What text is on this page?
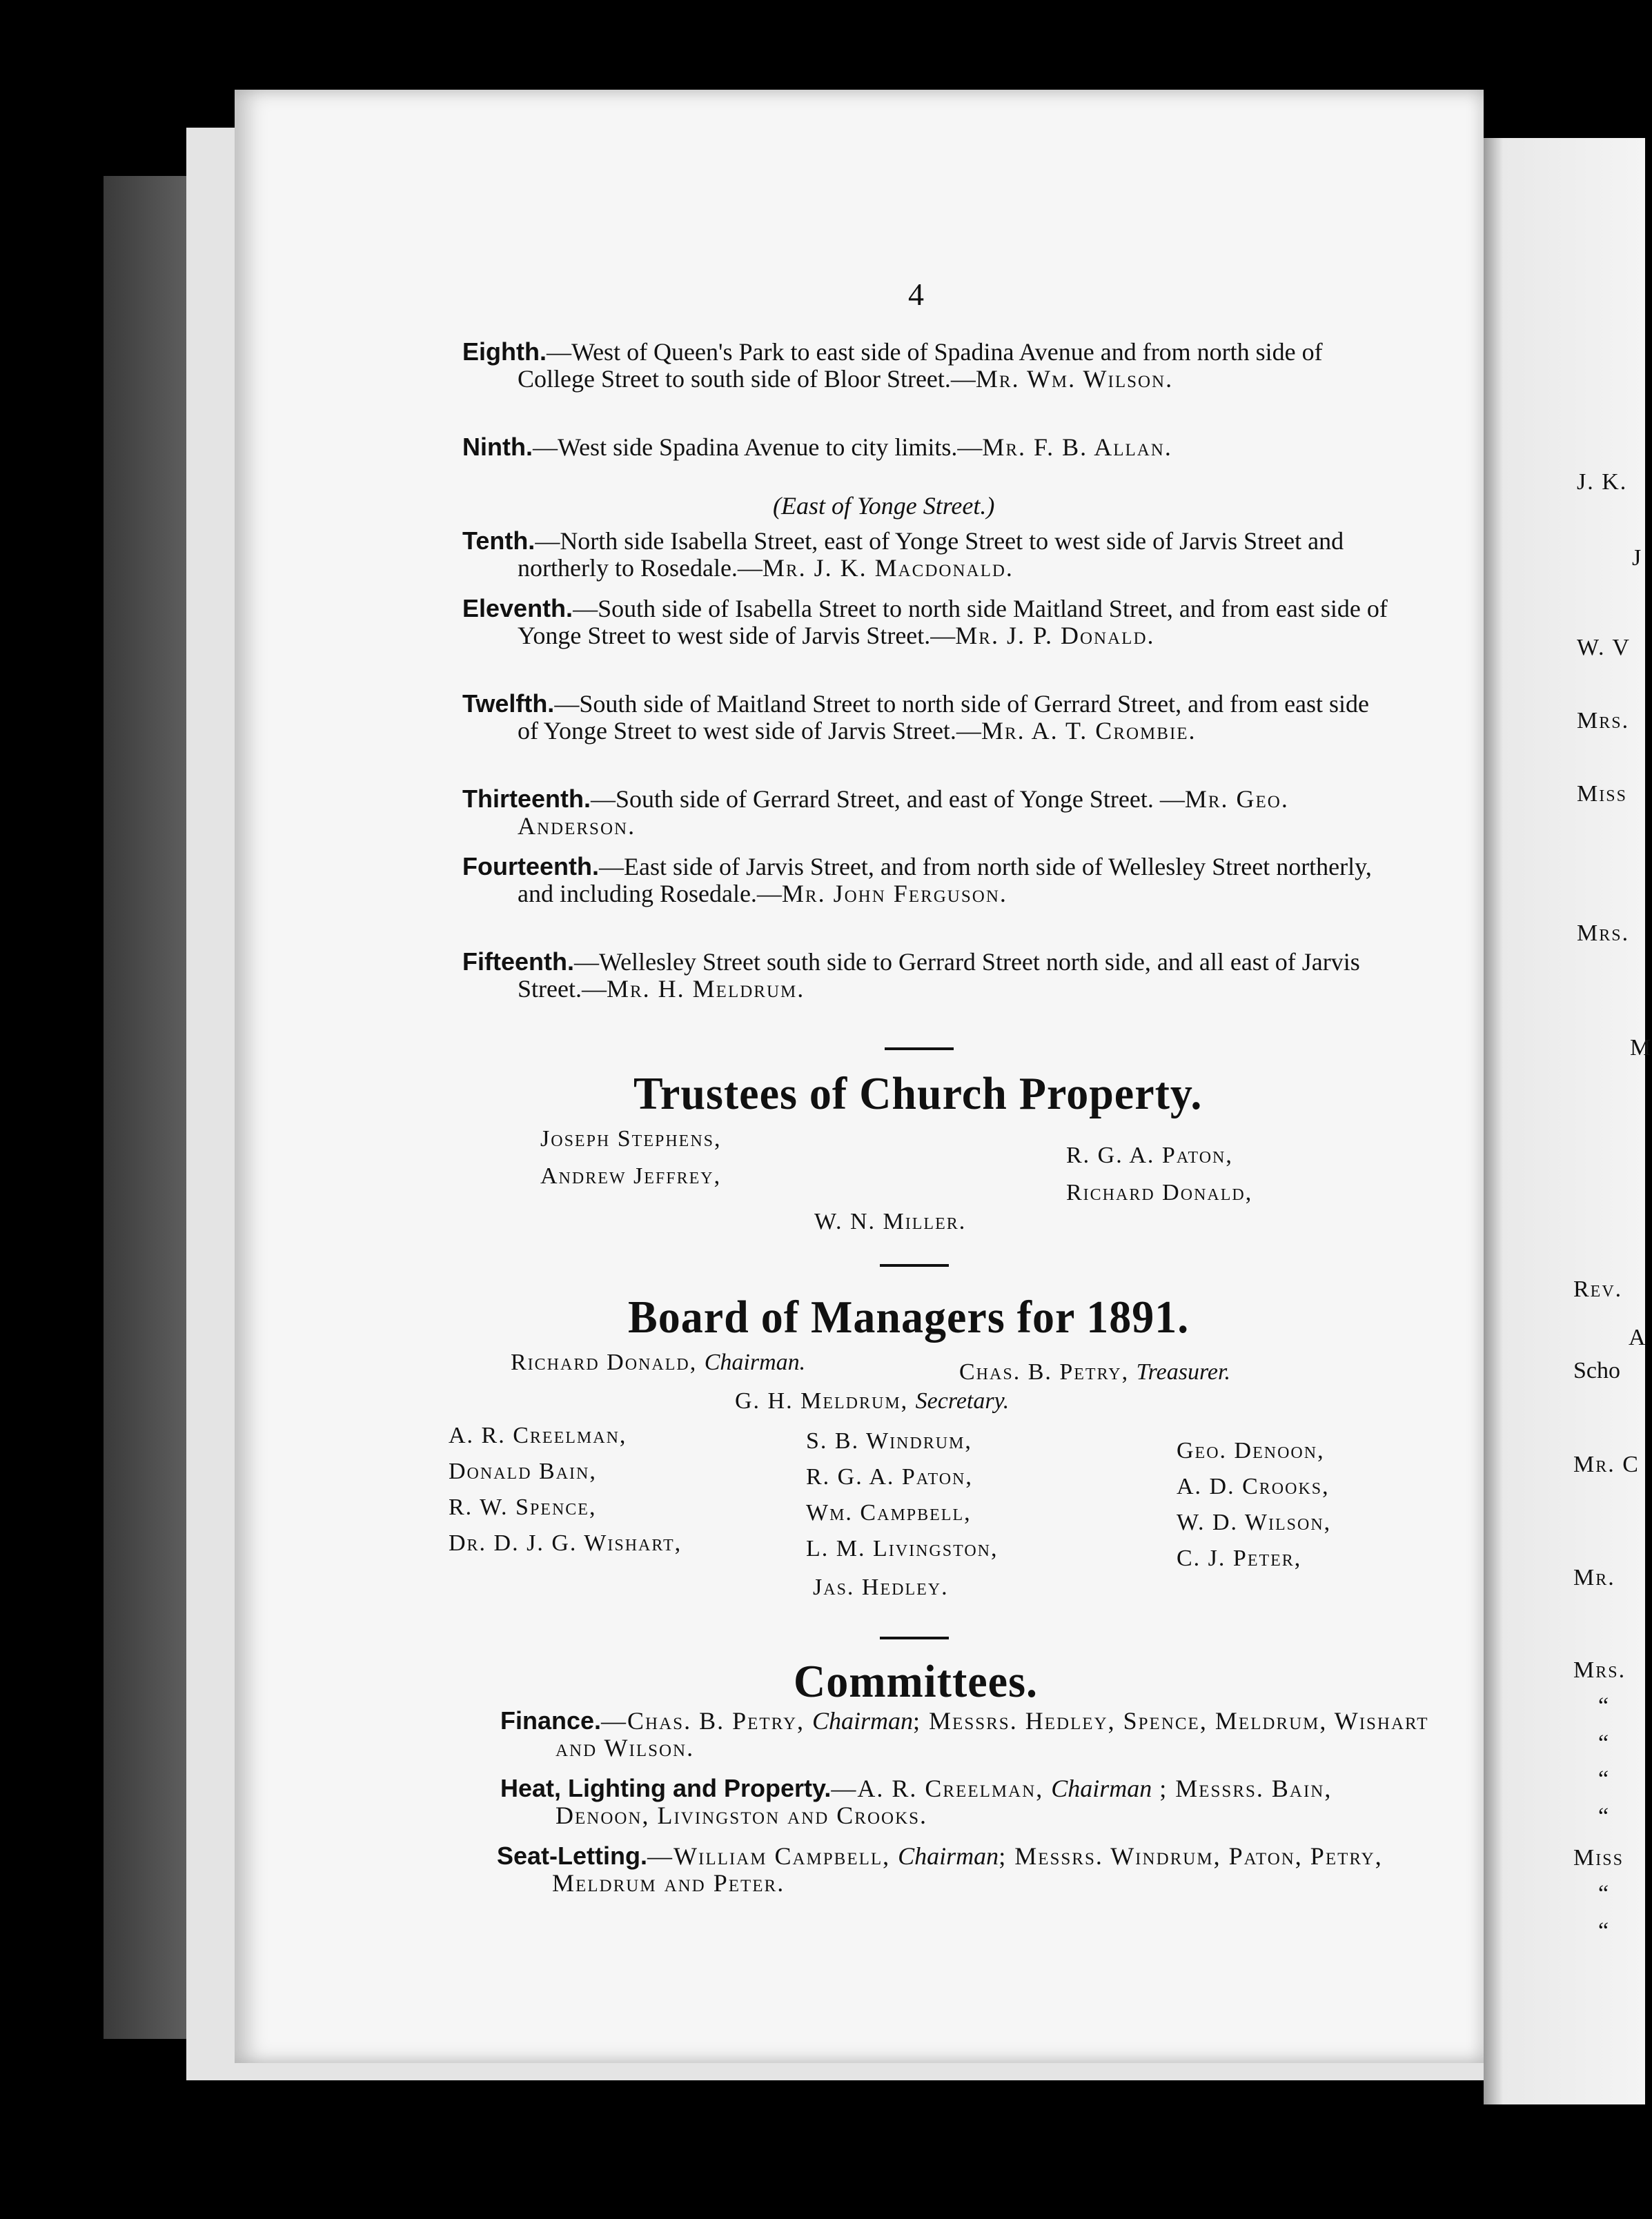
4
Eighth.—West of Queen's Park to east side of Spadina Avenue and from north side of College Street to south side of Bloor Street.—Mr. Wm. Wilson.
Ninth.—West side Spadina Avenue to city limits.—Mr. F. B. Allan.
(East of Yonge Street.)
Tenth.—North side Isabella Street, east of Yonge Street to west side of Jarvis Street and northerly to Rosedale.—Mr. J. K. Macdonald.
Eleventh.—South side of Isabella Street to north side Maitland Street, and from east side of Yonge Street to west side of Jarvis Street.—Mr. J. P. Donald.
Twelfth.—South side of Maitland Street to north side of Gerrard Street, and from east side of Yonge Street to west side of Jarvis Street.—Mr. A. T. Crombie.
Thirteenth.—South side of Gerrard Street, and east of Yonge Street. —Mr. Geo. Anderson.
Fourteenth.—East side of Jarvis Street, and from north side of Wellesley Street northerly, and including Rosedale.—Mr. John Ferguson.
Fifteenth.—Wellesley Street south side to Gerrard Street north side, and all east of Jarvis Street.—Mr. H. Meldrum.
Trustees of Church Property.
Joseph Stephens,
Andrew Jeffrey,
R. G. A. Paton,
Richard Donald,
W. N. Miller.
Board of Managers for 1891.
Richard Donald, Chairman.	Chas. B. Petry, Treasurer.
G. H. Meldrum, Secretary.
A. R. Creelman,
Donald Bain,
R. W. Spence,
Dr. D. J. G. Wishart,
S. B. Windrum,
R. G. A. Paton,
Wm. Campbell,
L. M. Livingston,
Jas. Hedley.
Geo. Denoon,
A. D. Crooks,
W. D. Wilson,
C. J. Peter,
Committees.
Finance.—Chas. B. Petry, Chairman; Messrs. Hedley, Spence, Meldrum, Wishart and Wilson.
Heat, Lighting and Property.—A. R. Creelman, Chairman ; Messrs. Bain, Denoon, Livingston and Crooks.
Seat-Letting.—William Campbell, Chairman; Messrs. Windrum, Paton, Petry, Meldrum and Peter.
J. K.
J
W. V
Mrs.
Miss
Mrs.
M
Rev.
A
Scho
Mr. C
Mr.
Mrs.
“
“
“
“
Miss
“
“
